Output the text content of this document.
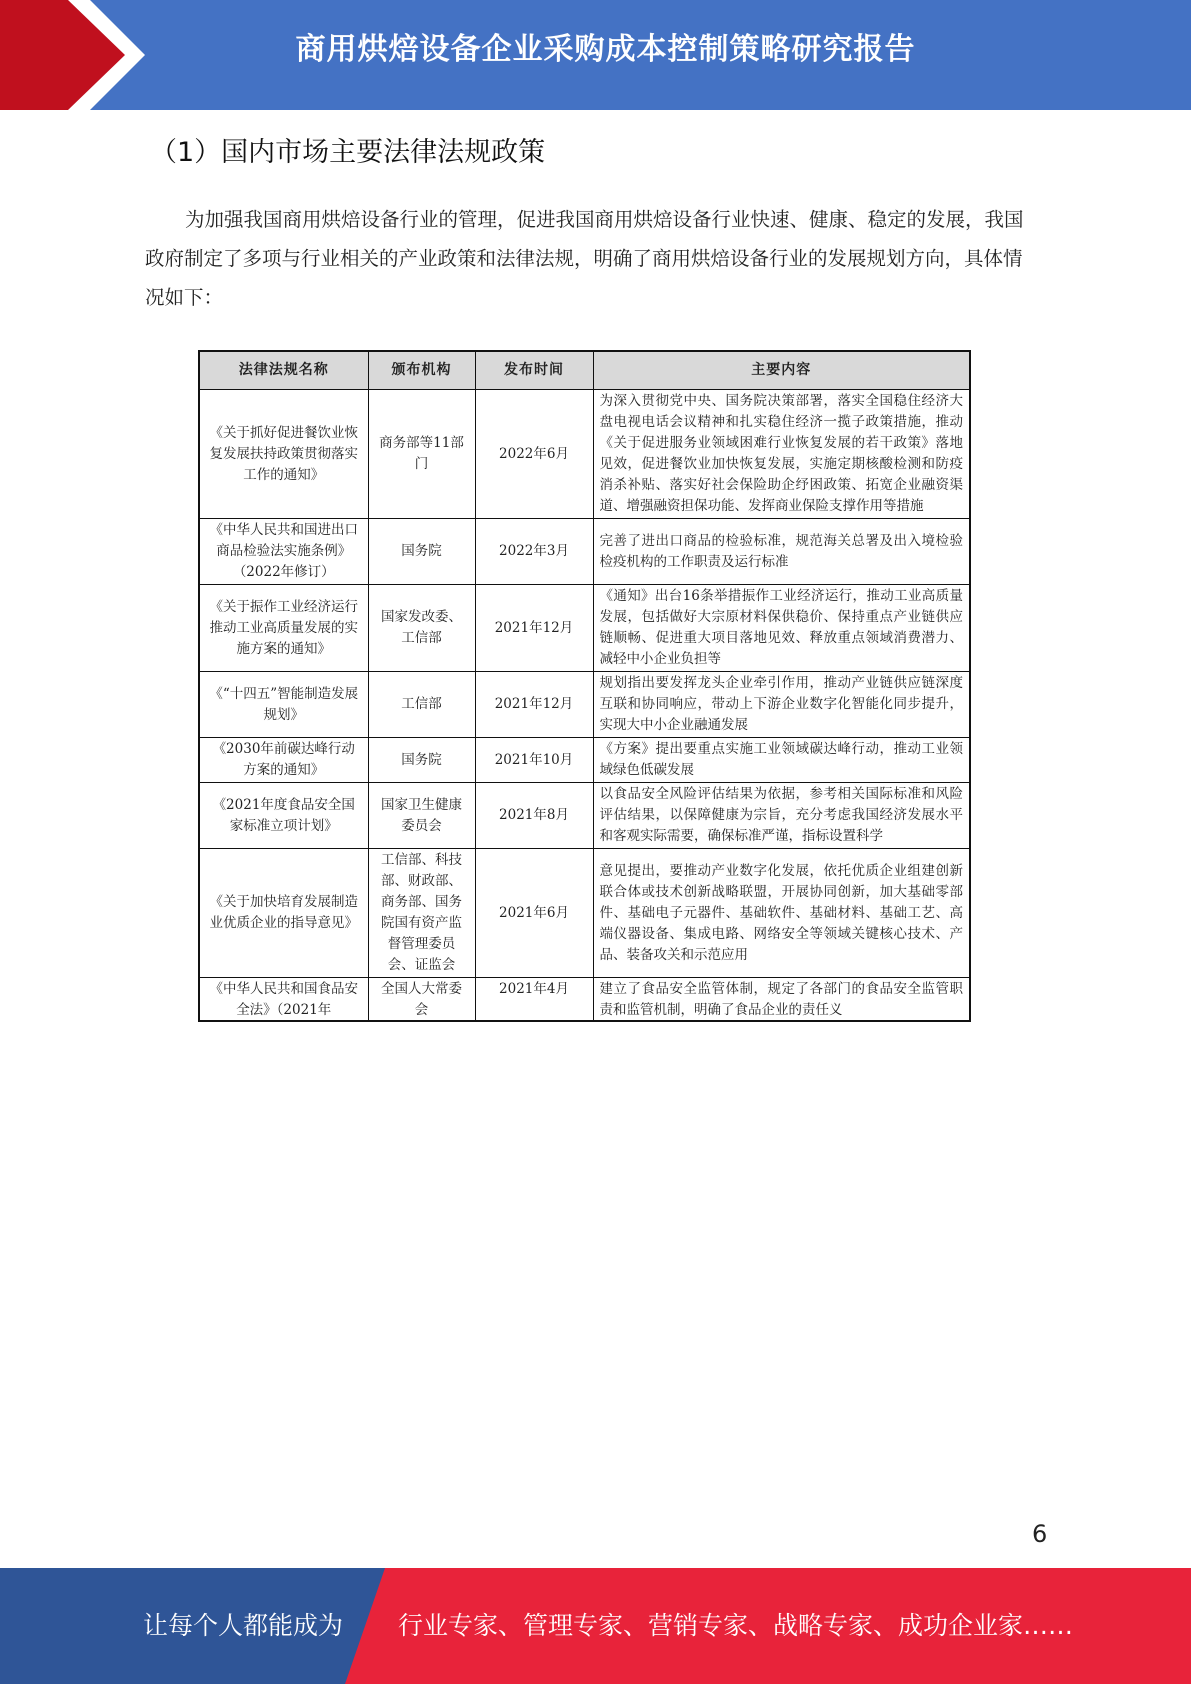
商用烘焙设备企业采购成本控制策略研究报告
（1）国内市场主要法律法规政策

为加强我国商用烘焙设备行业的管理，促进我国商用烘焙设备行业快速、健康、稳定的发展，我国政府制定了多项与行业相关的产业政策和法律法规，明确了商用烘焙设备行业的发展规划方向，具体情况如下：

法律法规名称	颁布机构	发布时间	主要内容
《关于抓好促进餐饮业恢复发展扶持政策贯彻落实工作的通知》	商务部等11部门	2022年6月	为深入贯彻党中央、国务院决策部署，落实全国稳住经济大盘电视电话会议精神和扎实稳住经济一揽子政策措施，推动《关于促进服务业领域困难行业恢复发展的若干政策》落地见效，促进餐饮业加快恢复发展，实施定期核酸检测和防疫消杀补贴、落实好社会保险助企纾困政策、拓宽企业融资渠道、增强融资担保功能、发挥商业保险支撑作用等措施
《中华人民共和国进出口商品检验法实施条例》（2022年修订）	国务院	2022年3月	完善了进出口商品的检验标准，规范海关总署及出入境检验检疫机构的工作职责及运行标准
《关于振作工业经济运行推动工业高质量发展的实施方案的通知》	国家发改委、工信部	2021年12月	《通知》出台16条举措振作工业经济运行，推动工业高质量发展，包括做好大宗原材料保供稳价、保持重点产业链供应链顺畅、促进重大项目落地见效、释放重点领域消费潜力、减轻中小企业负担等
《“十四五”智能制造发展规划》	工信部	2021年12月	规划指出要发挥龙头企业牵引作用，推动产业链供应链深度互联和协同响应，带动上下游企业数字化智能化同步提升，实现大中小企业融通发展
《2030年前碳达峰行动方案的通知》	国务院	2021年10月	《方案》提出要重点实施工业领域碳达峰行动，推动工业领域绿色低碳发展
《2021年度食品安全国家标准立项计划》	国家卫生健康委员会	2021年8月	以食品安全风险评估结果为依据，参考相关国际标准和风险评估结果，以保障健康为宗旨，充分考虑我国经济发展水平和客观实际需要，确保标准严谨，指标设置科学
《关于加快培育发展制造业优质企业的指导意见》	工信部、科技部、财政部、商务部、国务院国有资产监督管理委员会、证监会	2021年6月	意见提出，要推动产业数字化发展，依托优质企业组建创新联合体或技术创新战略联盟，开展协同创新，加大基础零部件、基础电子元器件、基础软件、基础材料、基础工艺、高端仪器设备、集成电路、网络安全等领域关键核心技术、产品、装备攻关和示范应用

《中华人民共和国食品安全法》（2021年	全国人大常委会	2021年4月	建立了食品安全监管体制，规定了各部门的食品安全监管职责和监管机制，明确了食品企业的责任义
6
让每个人都能成为 行业专家、管理专家、营销专家、战略专家、成功企业家……
